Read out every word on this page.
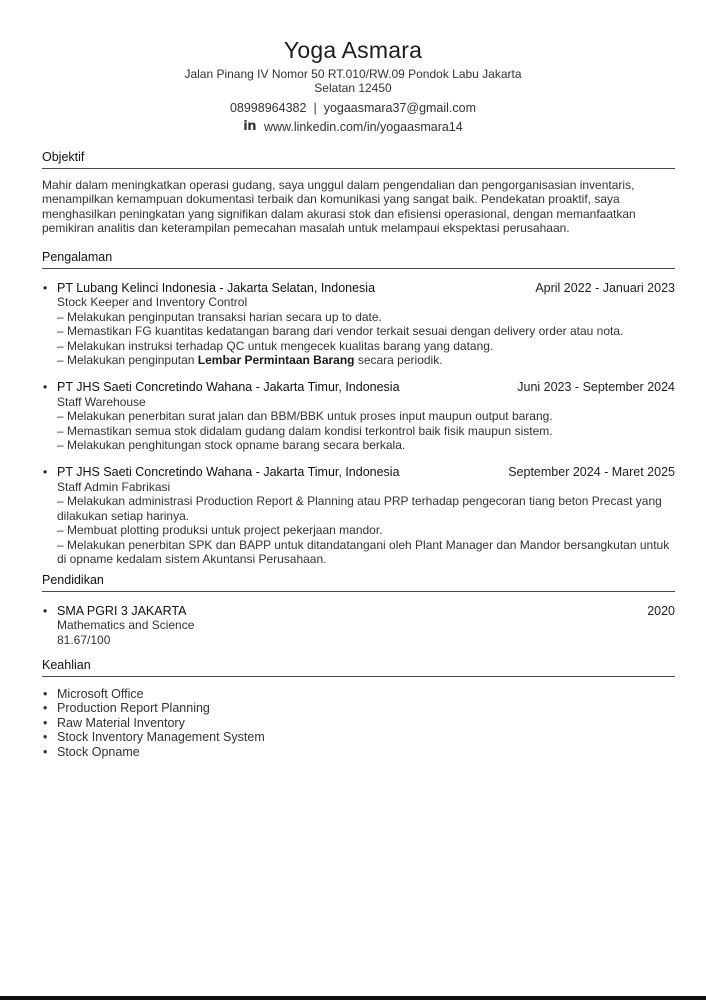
Yoga Asmara
Jalan Pinang IV Nomor 50 RT.010/RW.09 Pondok Labu Jakarta Selatan 12450
08998964382 | yogaasmara37@gmail.com
in www.linkedin.com/in/yogaasmara14
Objektif
Mahir dalam meningkatkan operasi gudang, saya unggul dalam pengendalian dan pengorganisasian inventaris, menampilkan kemampuan dokumentasi terbaik dan komunikasi yang sangat baik. Pendekatan proaktif, saya menghasilkan peningkatan yang signifikan dalam akurasi stok dan efisiensi operasional, dengan memanfaatkan pemikiran analitis dan keterampilan pemecahan masalah untuk melampaui ekspektasi perusahaan.
Pengalaman
• PT Lubang Kelinci Indonesia - Jakarta Selatan, Indonesia	April 2022 - Januari 2023
Stock Keeper and Inventory Control
– Melakukan penginputan transaksi harian secara up to date.
– Memastikan FG kuantitas kedatangan barang dari vendor terkait sesuai dengan delivery order atau nota.
– Melakukan instruksi terhadap QC untuk mengecek kualitas barang yang datang.
– Melakukan penginputan Lembar Permintaan Barang secara periodik.
• PT JHS Saeti Concretindo Wahana - Jakarta Timur, Indonesia	Juni 2023 - September 2024
Staff Warehouse
– Melakukan penerbitan surat jalan dan BBM/BBK untuk proses input maupun output barang.
– Memastikan semua stok didalam gudang dalam kondisi terkontrol baik fisik maupun sistem.
– Melakukan penghitungan stock opname barang secara berkala.
• PT JHS Saeti Concretindo Wahana - Jakarta Timur, Indonesia	September 2024 - Maret 2025
Staff Admin Fabrikasi
– Melakukan administrasi Production Report & Planning atau PRP terhadap pengecoran tiang beton Precast yang dilakukan setiap harinya.
– Membuat plotting produksi untuk project pekerjaan mandor.
– Melakukan penerbitan SPK dan BAPP untuk ditandatangani oleh Plant Manager dan Mandor bersangkutan untuk di opname kedalam sistem Akuntansi Perusahaan.
Pendidikan
• SMA PGRI 3 JAKARTA	2020
Mathematics and Science
81.67/100
Keahlian
• Microsoft Office
• Production Report Planning
• Raw Material Inventory
• Stock Inventory Management System
• Stock Opname
